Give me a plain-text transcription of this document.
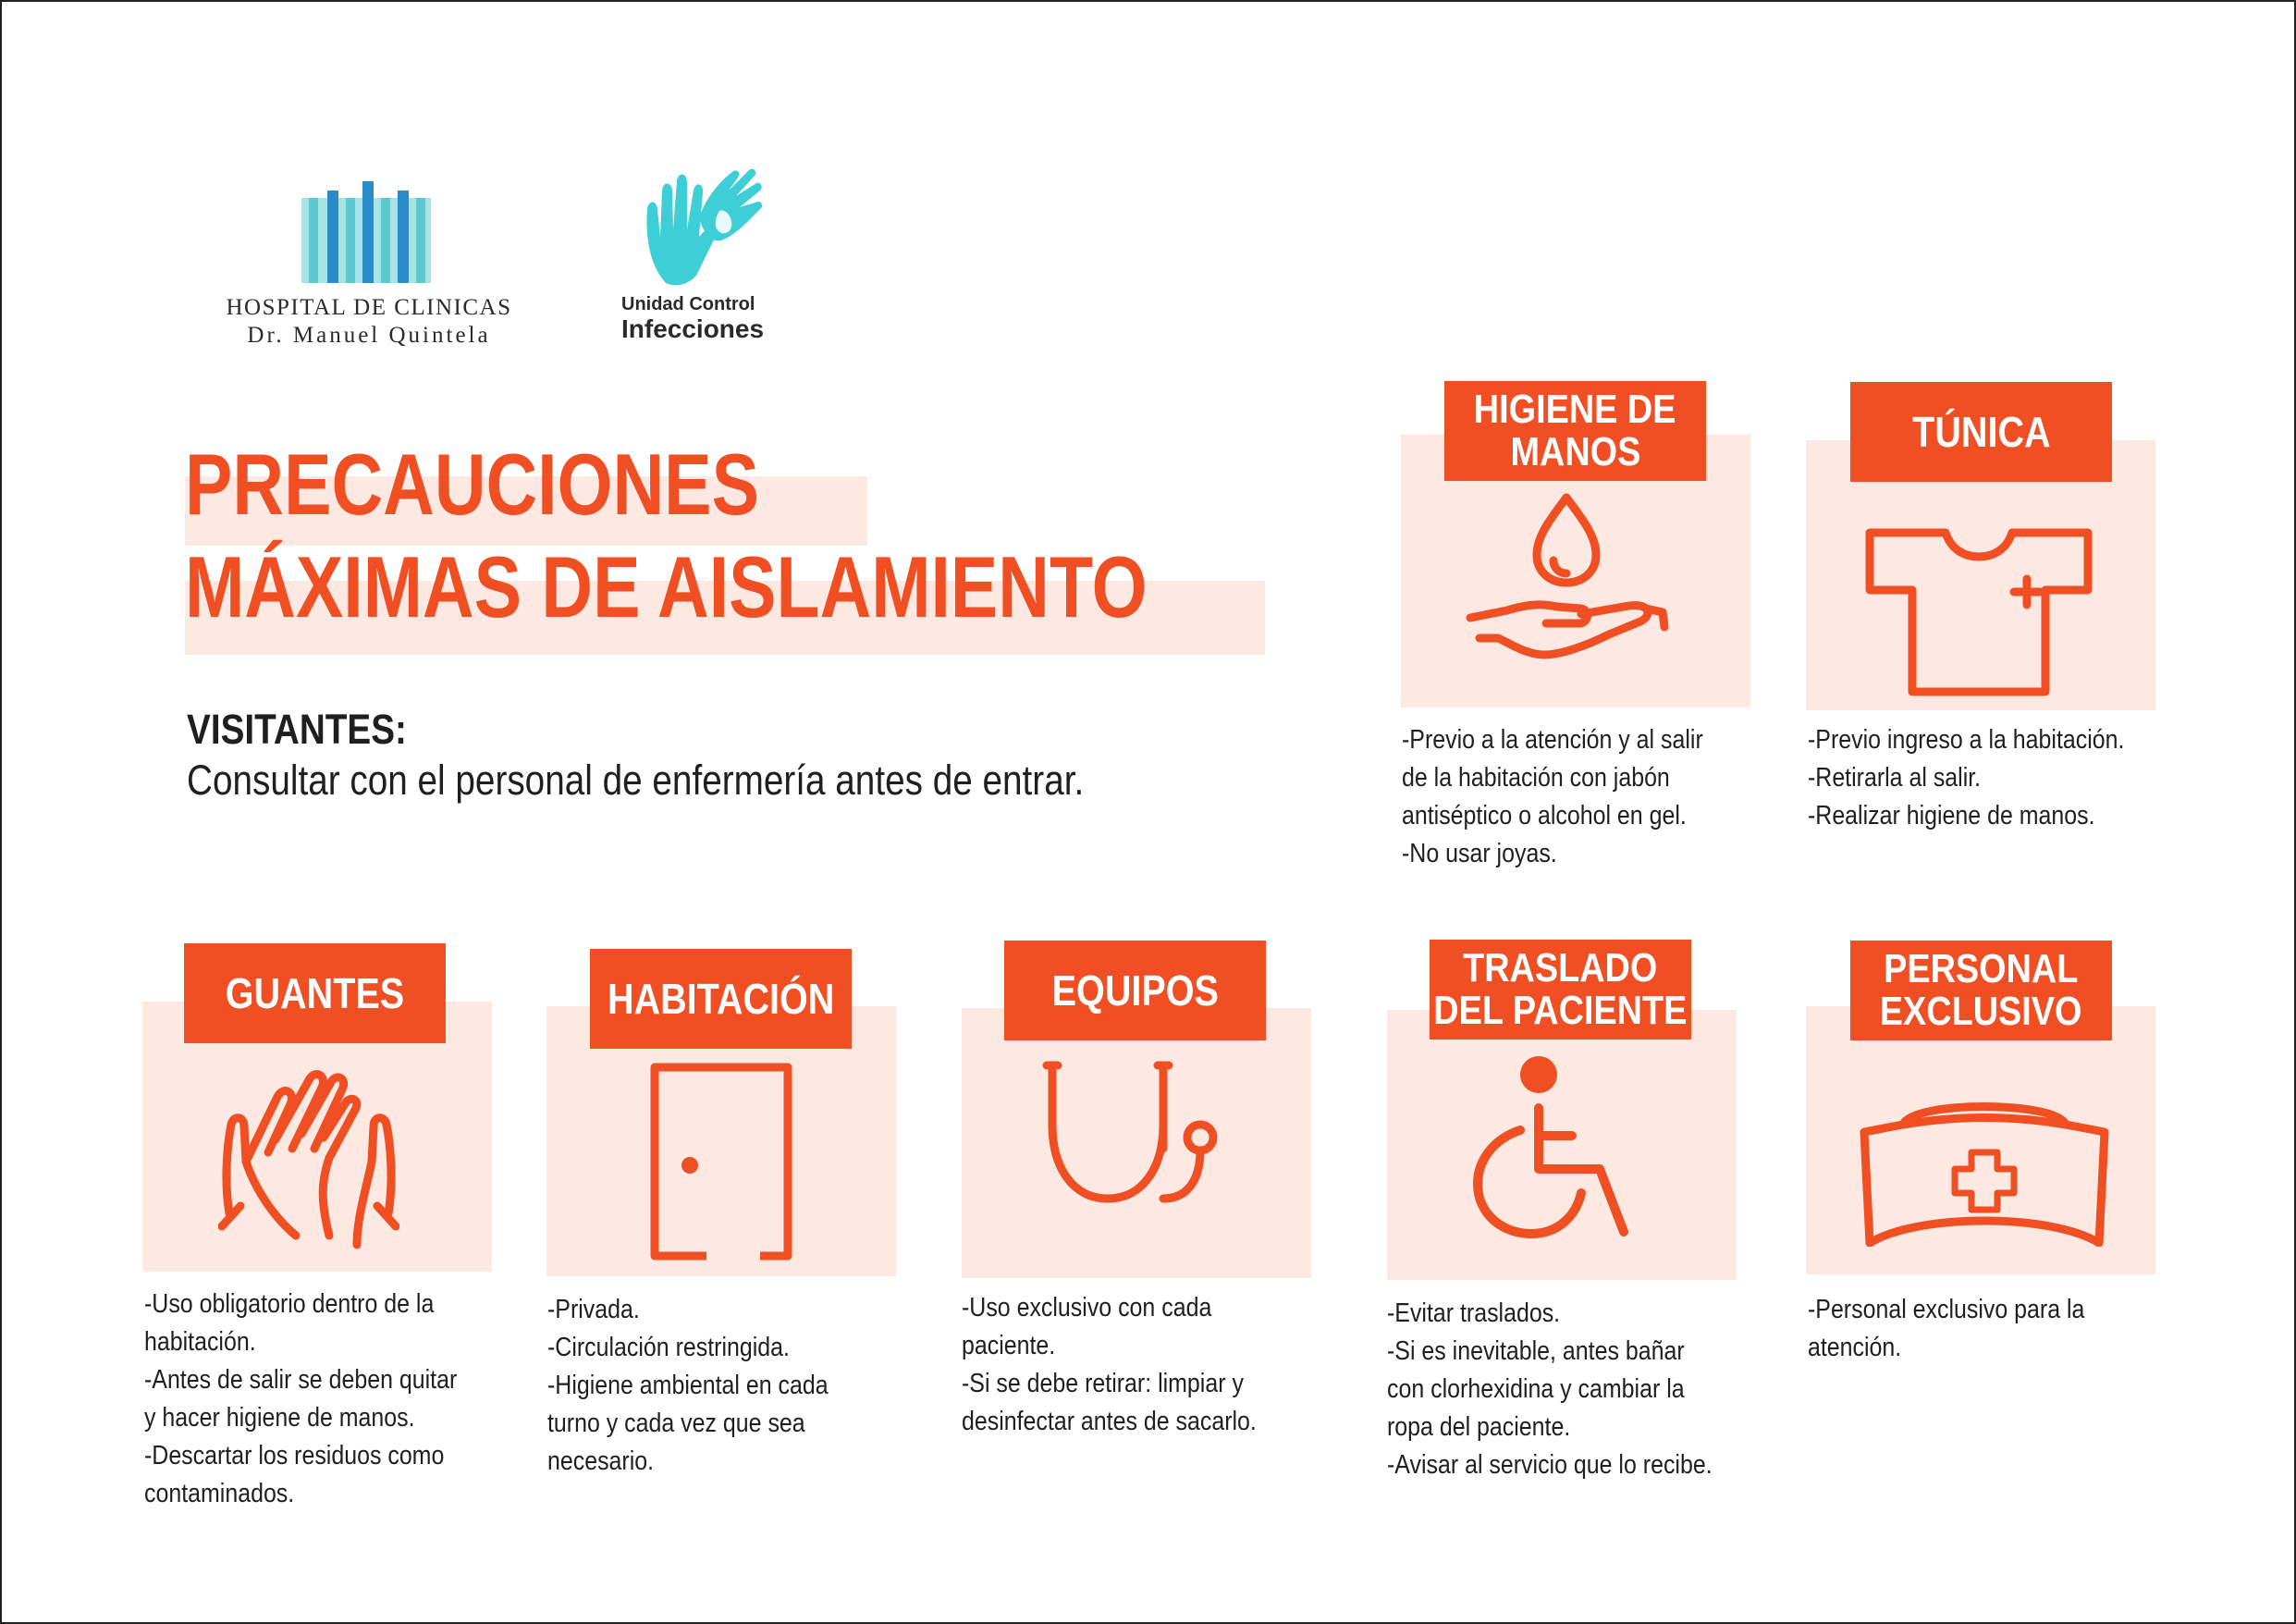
HOSPITAL DE CLINICAS
Dr. Manuel Quintela
Unidad Control
Infecciones
PRECAUCIONES
MÁXIMAS DE AISLAMIENTO
VISITANTES:
Consultar con el personal de enfermería antes de entrar.
HIGIENE DE
MANOS
-Previo a la atención y al salir
de la habitación con jabón
antiséptico o alcohol en gel.
-No usar joyas.
TÚNICA
-Previo ingreso a la habitación.
-Retirarla al salir.
-Realizar higiene de manos.
GUANTES
-Uso obligatorio dentro de la
habitación.
-Antes de salir se deben quitar
y hacer higiene de manos.
-Descartar los residuos como
contaminados.
HABITACIÓN
-Privada.
-Circulación restringida.
-Higiene ambiental en cada
turno y cada vez que sea
necesario.
EQUIPOS
-Uso exclusivo con cada
paciente.
-Si se debe retirar: limpiar y
desinfectar antes de sacarlo.
TRASLADO
DEL PACIENTE
-Evitar traslados.
-Si es inevitable, antes bañar
con clorhexidina y cambiar la
ropa del paciente.
-Avisar al servicio que lo recibe.
PERSONAL
EXCLUSIVO
-Personal exclusivo para la
atención.
